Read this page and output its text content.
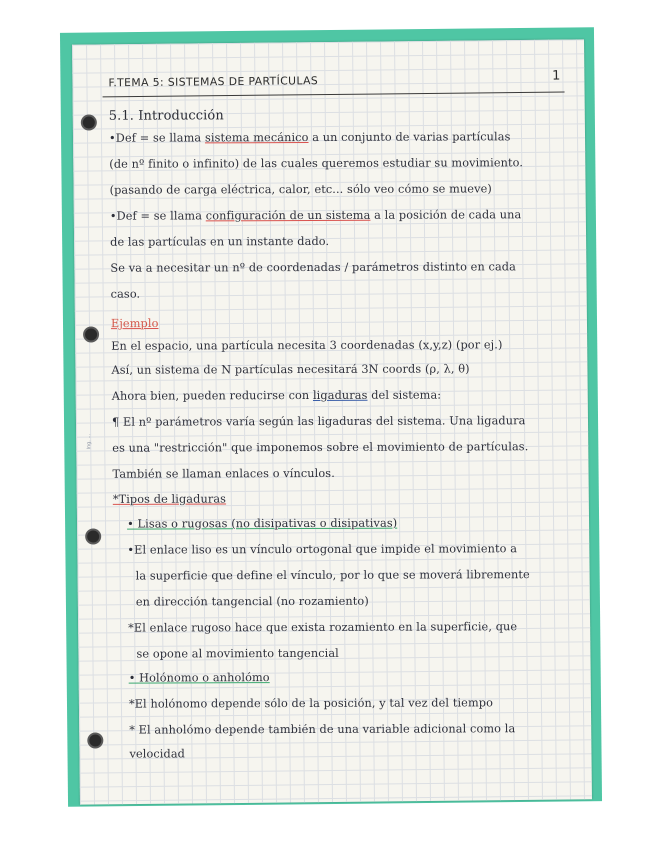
Ing. ...
F.TEMA 5: SISTEMAS DE PARTÍCULAS	1
5.1. Introducción
•Def = se llama sistema mecánico a un conjunto de varias partículas
(de nº finito o infinito) de las cuales queremos estudiar su movimiento.
(pasando de carga eléctrica, calor, etc... sólo veo cómo se mueve)
•Def = se llama configuración de un sistema a la posición de cada una
de las partículas en un instante dado.
Se va a necesitar un nº de coordenadas / parámetros distinto en cada
caso.
Ejemplo
En el espacio, una partícula necesita 3 coordenadas (x,y,z) (por ej.)
Así, un sistema de N partículas necesitará 3N coords (ρ, λ, θ)
Ahora bien, pueden reducirse con ligaduras del sistema:
¶ El nº parámetros varía según las ligaduras del sistema. Una ligadura
es una "restricción" que imponemos sobre el movimiento de partículas.
También se llaman enlaces o vínculos.
*Tipos de ligaduras
• Lisas o rugosas (no disipativas o disipativas)
•El enlace liso es un vínculo ortogonal que impide el movimiento a
la superficie que define el vínculo, por lo que se moverá libremente
en dirección tangencial (no rozamiento)
*El enlace rugoso hace que exista rozamiento en la superficie, que
se opone al movimiento tangencial
• Holónomo o anholómo
*El holónomo depende sólo de la posición, y tal vez del tiempo
* El anholómo depende también de una variable adicional como la
velocidad
